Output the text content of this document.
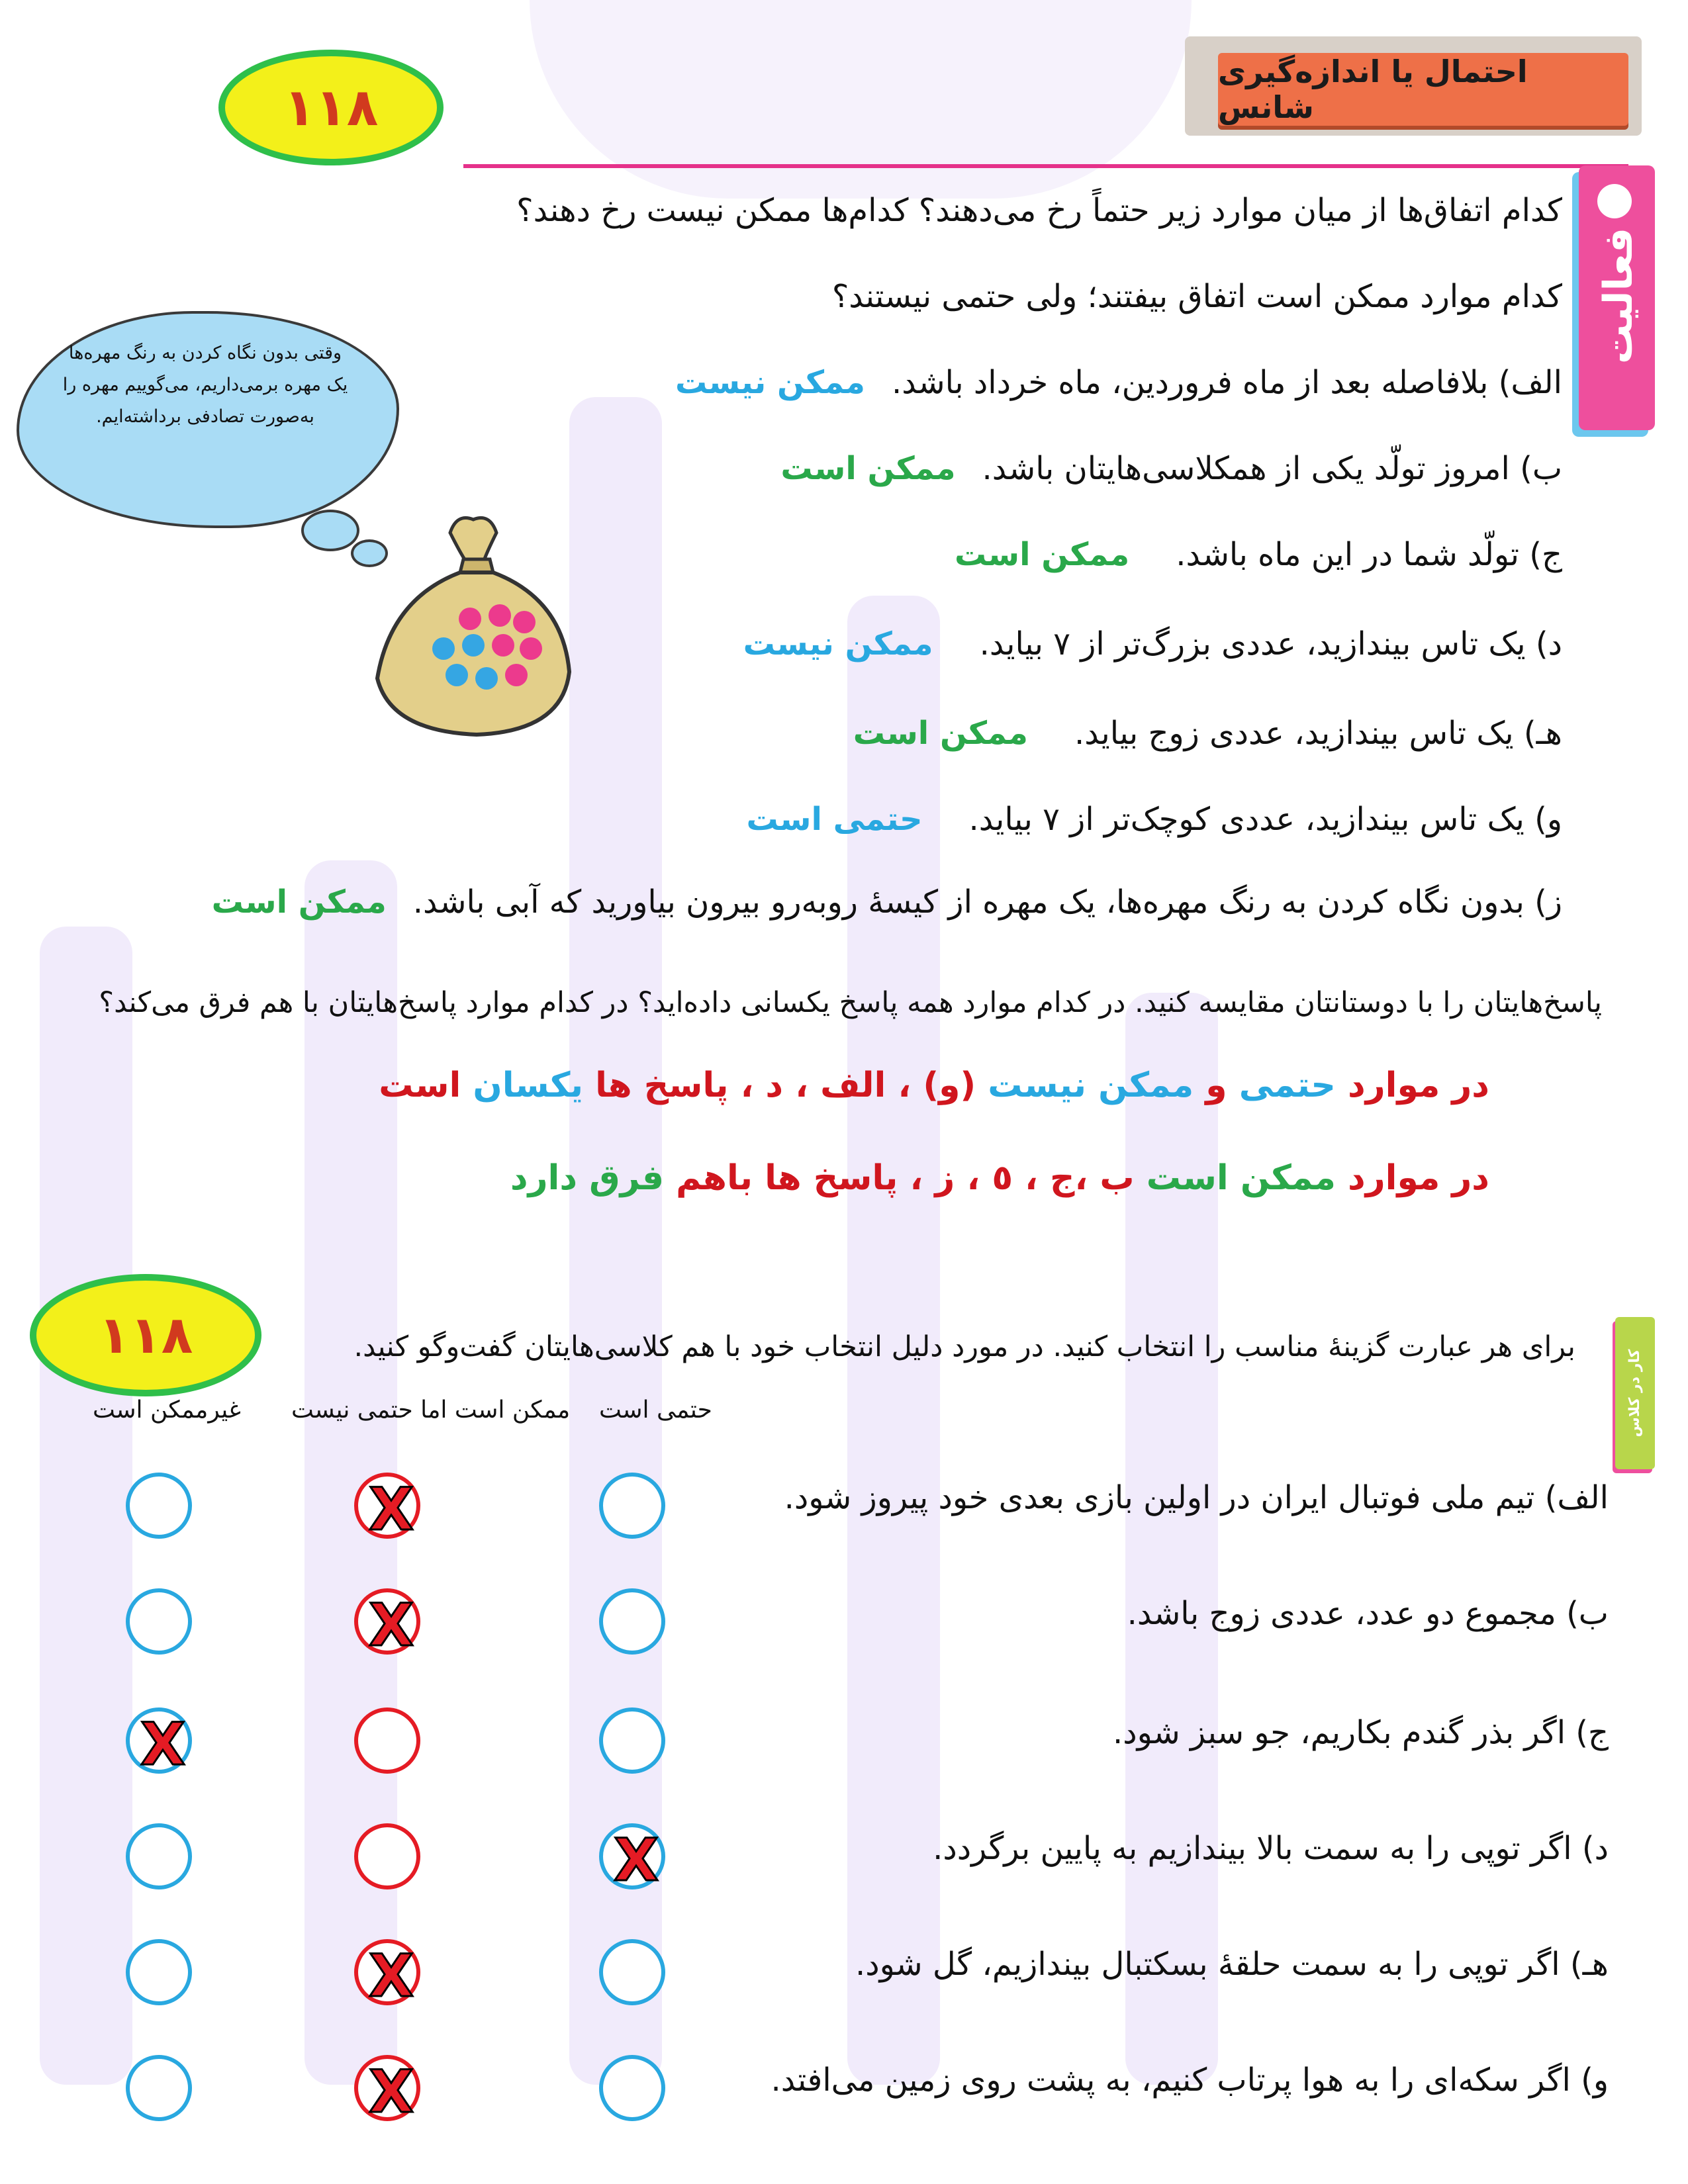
احتمال یا اندازه‌گیری شانس
۱۱۸
فعالیت
کدام اتفاق‌ها از میان موارد زیر حتماً رخ می‌دهند؟ کدام‌ها ممکن نیست رخ دهند؟
کدام موارد ممکن است اتفاق بیفتند؛ ولی حتمی نیستند؟
الف) بلافاصله بعد از ماه فروردین، ماه خرداد باشد.ممکن نیست
ب) امروز تولّد یکی از همکلاسی‌هایتان باشد.ممکن است
ج) تولّد شما در این ماه باشد.ممکن است
د) یک تاس بیندازید، عددی بزرگ‌تر از ۷ بیاید.ممکن نیست
هـ) یک تاس بیندازید، عددی زوج بیاید.ممکن است
و) یک تاس بیندازید، عددی کوچک‌تر از ۷ بیاید.حتمی است
ز) بدون نگاه کردن به رنگ مهره‌ها، یک مهره از کیسهٔ روبه‌رو بیرون بیاورید که آبی باشد.ممکن است
پاسخ‌هایتان را با دوستانتان مقایسه کنید. در کدام موارد همه پاسخ یکسانی داده‌اید؟ در کدام موارد پاسخ‌هایتان با هم فرق می‌کند؟
در موارد حتمی و ممکن نیست (و) ، الف ، د ، پاسخ ها یکسان است
در موارد ممکن است ب ،ج ، ٥ ، ز ، پاسخ ها باهم فرق دارد
وقتی بدون نگاه کردن به رنگ مهره‌ها
یک مهره برمی‌داریم، می‌گوییم مهره را
به‌صورت تصادفی برداشته‌ایم.
۱۱۸
کار در کلاس
برای هر عبارت گزینهٔ مناسب را انتخاب کنید. در مورد دلیل انتخاب خود با هم کلاسی‌هایتان گفت‌وگو کنید.
حتمی است
ممکن است اما حتمی نیست
غیرممکن است
الف) تیم ملی فوتبال ایران در اولین بازی بعدی خود پیروز شود.
X
ب) مجموع دو عدد، عددی زوج باشد.
X
ج) اگر بذر گندم بکاریم، جو سبز شود.
X
د) اگر توپی را به سمت بالا بیندازیم به پایین برگردد.
X
هـ) اگر توپی را به سمت حلقهٔ بسکتبال بیندازیم، گل شود.
X
و) اگر سکه‌ای را به هوا پرتاب کنیم، به پشت روی زمین می‌افتد.
X
